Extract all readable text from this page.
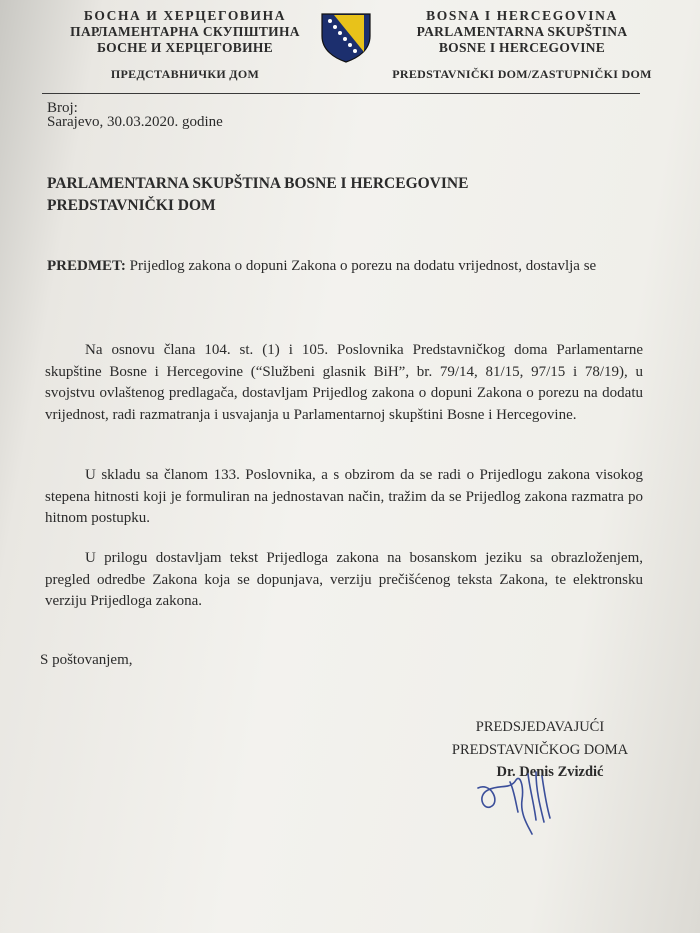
БОСНА И ХЕРЦЕГОВИНА
ПАРЛАМЕНТАРНА СКУПШТИНА
БОСНЕ И ХЕРЦЕГОВИНЕ
ПРЕДСТАВНИЧКИ ДОМ
BOSNA I HERCEGOVINA
PARLAMENTARNA SKUPŠTINA
BOSNE I HERCEGOVINE
PREDSTAVNIČKI DOM/ZASTUPNIČKI DOM
Broj:
Sarajevo, 30.03.2020. godine
PARLAMENTARNA SKUPŠTINA BOSNE I HERCEGOVINE
PREDSTAVNIČKI DOM
PREDMET: Prijedlog zakona o dopuni Zakona o porezu na dodatu vrijednost, dostavlja se
Na osnovu člana 104. st. (1) i 105. Poslovnika Predstavničkog doma Parlamentarne skupštine Bosne i Hercegovine (“Službeni glasnik BiH”, br. 79/14, 81/15, 97/15 i 78/19), u svojstvu ovlaštenog predlagača, dostavljam Prijedlog zakona o dopuni Zakona o porezu na dodatu vrijednost, radi razmatranja i usvajanja u Parlamentarnoj skupštini Bosne i Hercegovine.
U skladu sa članom 133. Poslovnika, a s obzirom da se radi o Prijedlogu zakona visokog stepena hitnosti koji je formuliran na jednostavan način, tražim da se Prijedlog zakona razmatra po hitnom postupku.
U prilogu dostavljam tekst Prijedloga zakona na bosanskom jeziku sa obrazloženjem, pregled odredbe Zakona koja se dopunjava, verziju prečišćenog teksta Zakona, te elektronsku verziju Prijedloga zakona.
S poštovanjem,
PREDSJEDAVAJUĆI
PREDSTAVNIČKOG DOMA
Dr. Denis Zvizdić
